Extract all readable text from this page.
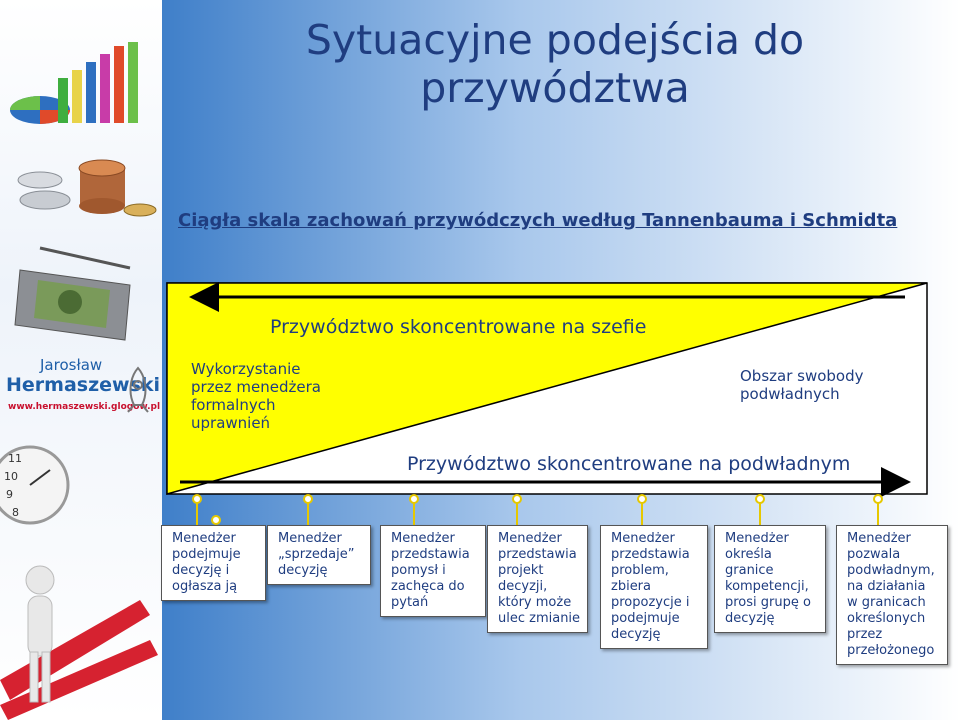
Jarosław
Hermaszewski
www.hermaszewski.glogow.pl
11
10
9
8
Sytuacyjne podejścia do
przywództwa
Ciągła skala zachowań przywódczych według Tannenbauma i Schmidta
Przywództwo skoncentrowane na szefie
Przywództwo skoncentrowane na podwładnym
Wykorzystanie
przez menedżera
formalnych
uprawnień
Obszar swobody
podwładnych
Menedżer
podejmuje
decyzję i
ogłasza ją
Menedżer
„sprzedaje”
decyzję
Menedżer
przedstawia
pomysł i
zachęca do
pytań
Menedżer
przedstawia
projekt
decyzji,
który może
ulec zmianie
Menedżer
przedstawia
problem,
zbiera
propozycje i
podejmuje
decyzję
Menedżer
określa
granice
kompetencji,
prosi grupę o
decyzję
Menedżer
pozwala
podwładnym,
na działania
w granicach
określonych
przez
przełożonego
